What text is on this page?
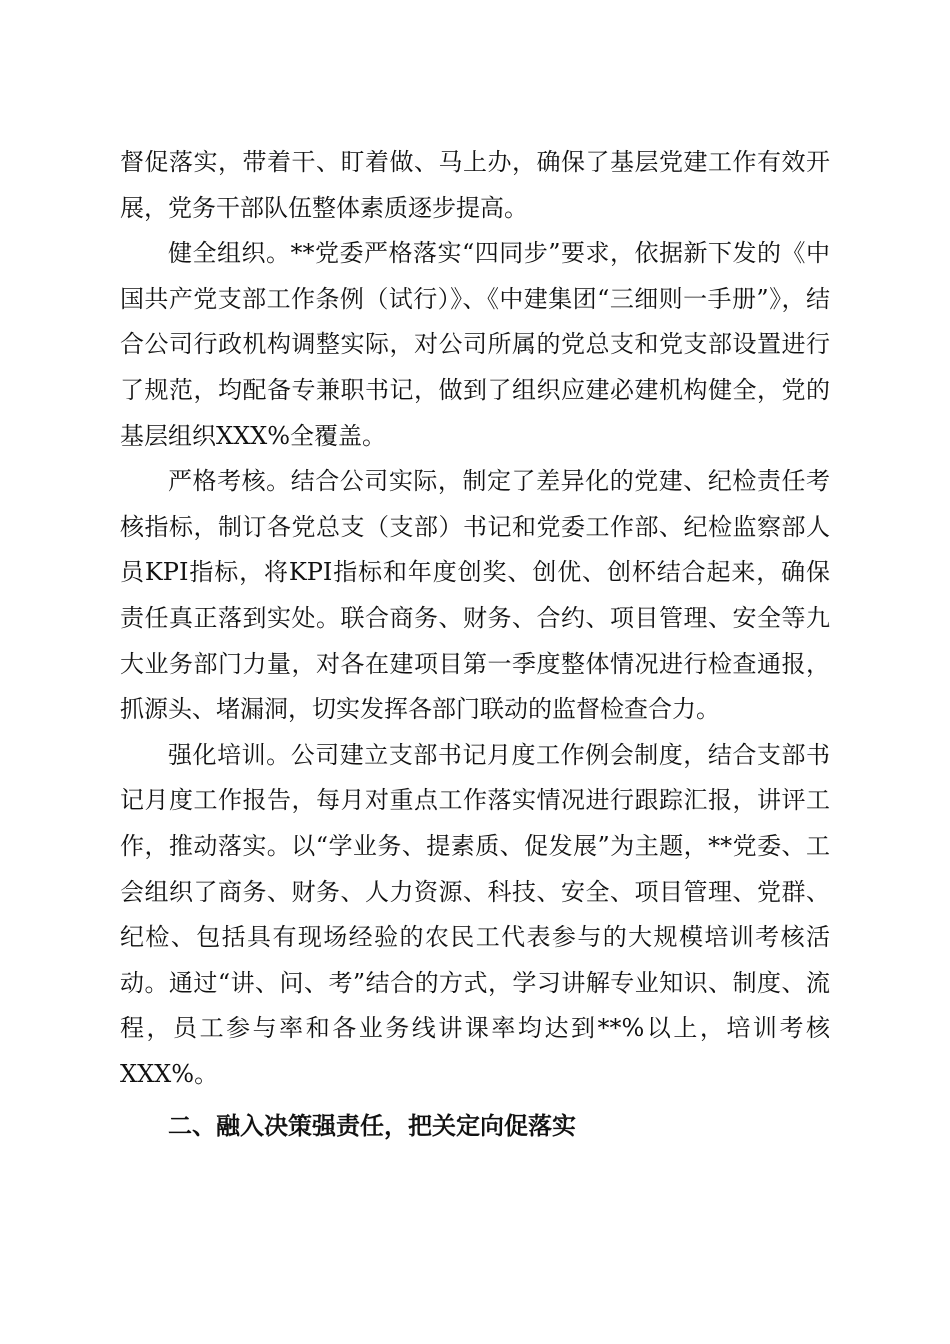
督促落实，带着干、盯着做、马上办，确保了基层党建工作有效开展，党务干部队伍整体素质逐步提高。

健全组织。**党委严格落实“四同步”要求，依据新下发的《中国共产党支部工作条例（试行）》、《中建集团“三细则一手册”》，结合公司行政机构调整实际，对公司所属的党总支和党支部设置进行了规范，均配备专兼职书记，做到了组织应建必建机构健全，党的基层组织XXX%全覆盖。

严格考核。结合公司实际，制定了差异化的党建、纪检责任考核指标，制订各党总支（支部）书记和党委工作部、纪检监察部人员KPI指标，将KPI指标和年度创奖、创优、创杯结合起来，确保责任真正落到实处。联合商务、财务、合约、项目管理、安全等九大业务部门力量，对各在建项目第一季度整体情况进行检查通报，抓源头、堵漏洞，切实发挥各部门联动的监督检查合力。

强化培训。公司建立支部书记月度工作例会制度，结合支部书记月度工作报告，每月对重点工作落实情况进行跟踪汇报，讲评工作，推动落实。以“学业务、提素质、促发展”为主题，**党委、工会组织了商务、财务、人力资源、科技、安全、项目管理、党群、纪检、包括具有现场经验的农民工代表参与的大规模培训考核活动。通过“讲、问、考”结合的方式，学习讲解专业知识、制度、流程，员工参与率和各业务线讲课率均达到**%以上，培训考核XXX%。

二、融入决策强责任，把关定向促落实
